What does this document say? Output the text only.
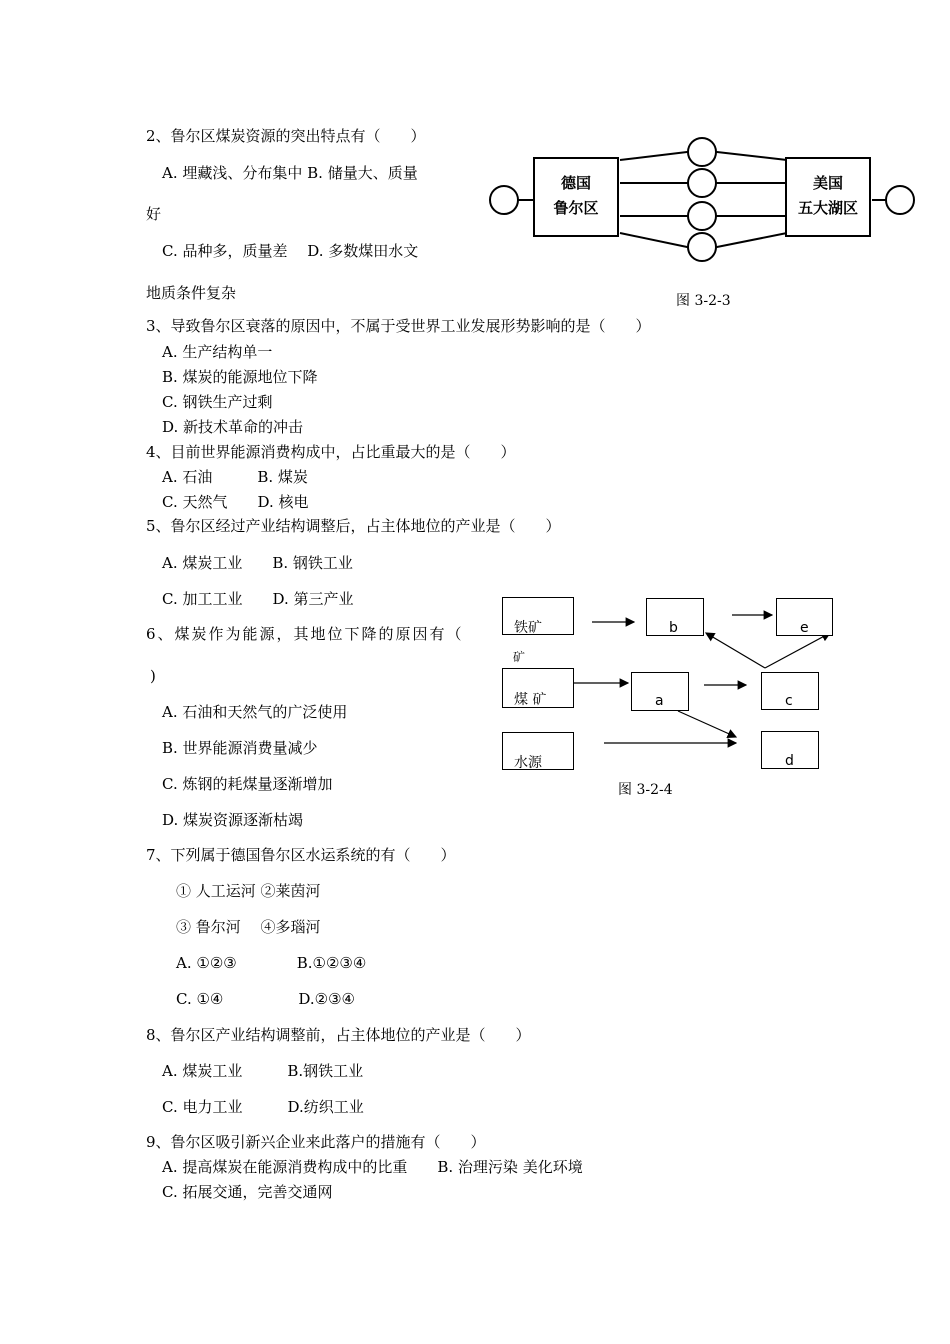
2、鲁尔区煤炭资源的突出特点有（　　）
A. 埋藏浅、分布集中 B. 储量大、质量
好
C. 品种多，质量差　 D. 多数煤田水文
地质条件复杂
德国
鲁尔区
美国
五大湖区
图 3-2-3
3、导致鲁尔区衰落的原因中，不属于受世界工业发展形势影响的是（　　）
A. 生产结构单一
B. 煤炭的能源地位下降
C. 钢铁生产过剩
D. 新技术革命的冲击
4、目前世界能源消费构成中，占比重最大的是（　　）
A. 石油　　　B. 煤炭
C. 天然气　　D. 核电
5、鲁尔区经过产业结构调整后，占主体地位的产业是（　　）
A. 煤炭工业　　B. 钢铁工业
C. 加工工业　　D. 第三产业
6、煤炭作为能源，其地位下降的原因有（
)
A. 石油和天然气的广泛使用
B. 世界能源消费量减少
C. 炼钢的耗煤量逐渐增加
D. 煤炭资源逐渐枯竭
铁矿
矿
b	e
煤 矿	a	c
水源	d
图 3-2-4
7、下列属于德国鲁尔区水运系统的有（　　）
① 人工运河 ②莱茵河
③ 鲁尔河　 ④多瑙河
A. ①②③　　　　B.①②③④
C. ①④　　　　　D.②③④
8、鲁尔区产业结构调整前，占主体地位的产业是（　　）
A. 煤炭工业　　　B.钢铁工业
C. 电力工业　　　D.纺织工业
9、鲁尔区吸引新兴企业来此落户的措施有（　　）
A. 提高煤炭在能源消费构成中的比重　　B. 治理污染 美化环境
C. 拓展交通，完善交通网
